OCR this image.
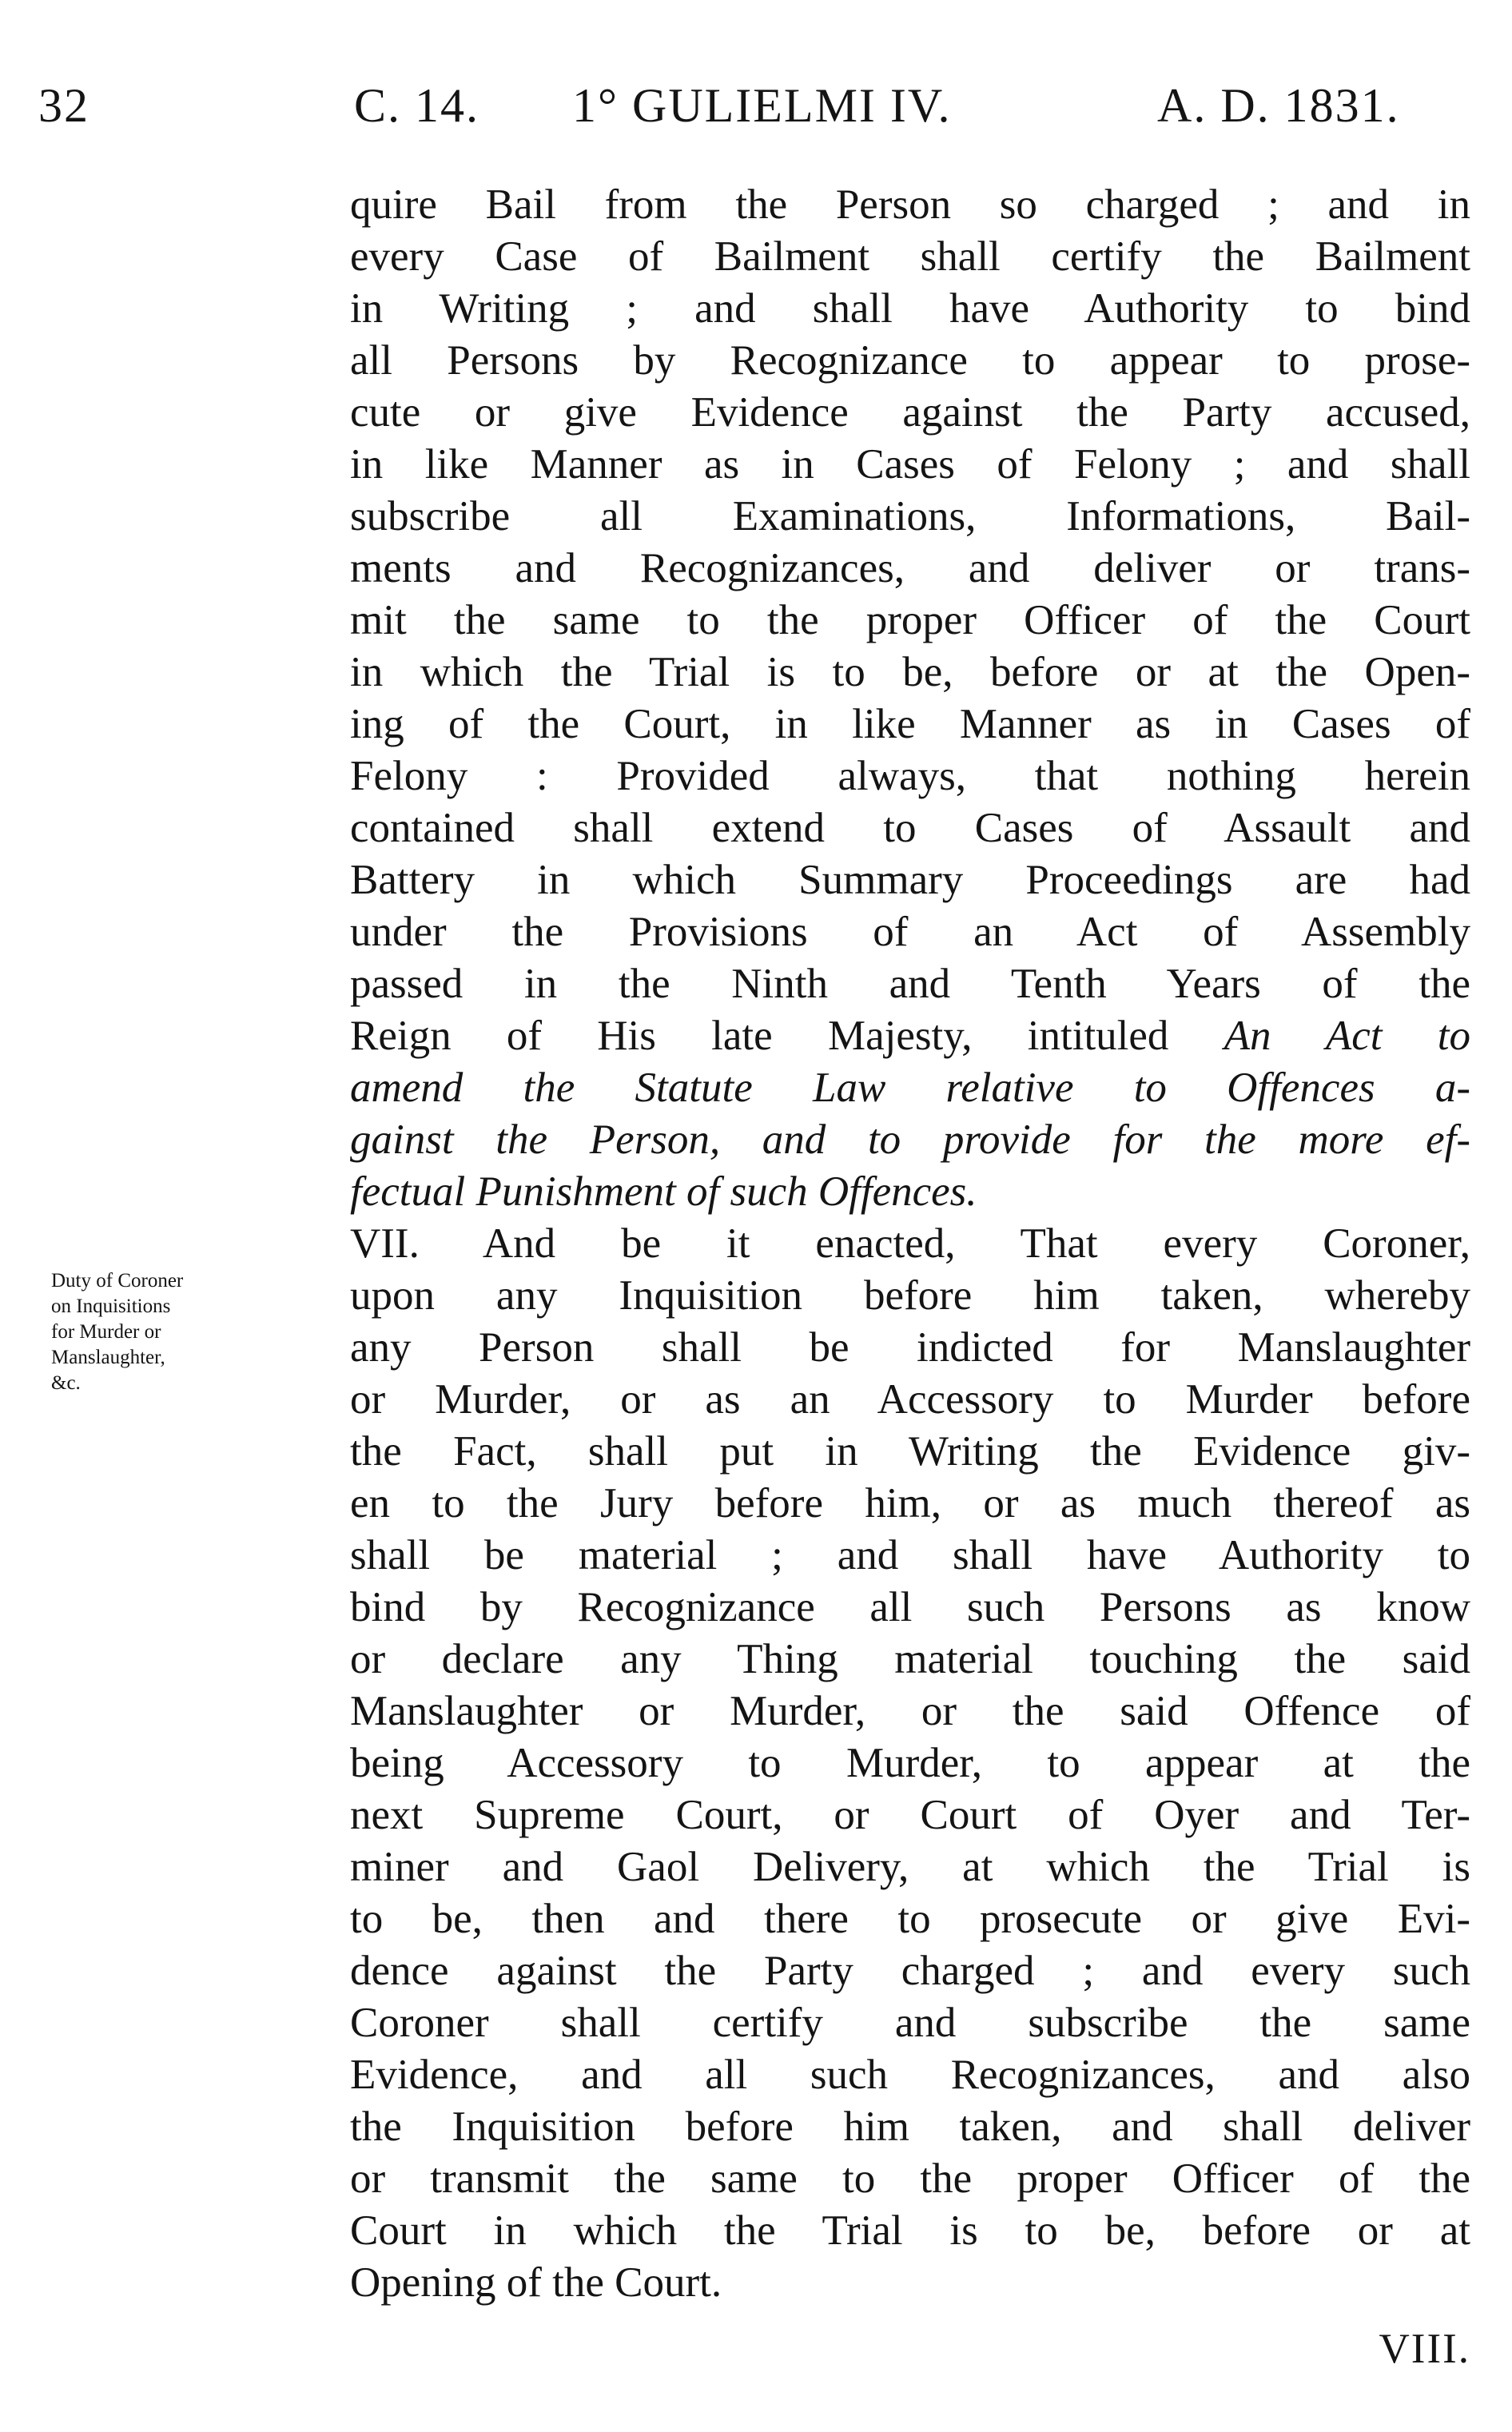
32	C. 14. 1° GULIELMI IV.	A. D. 1831.
quire Bail from the Person so charged ; and in
every Case of Bailment shall certify the Bailment
in Writing ; and shall have Authority to bind
all Persons by Recognizance to appear to prose-
cute or give Evidence against the Party accused,
in like Manner as in Cases of Felony ; and shall
subscribe all Examinations, Informations, Bail-
ments and Recognizances, and deliver or trans-
mit the same to the proper Officer of the Court
in which the Trial is to be, before or at the Open-
ing of the Court, in like Manner as in Cases of
Felony : Provided always, that nothing herein
contained shall extend to Cases of Assault and
Battery in which Summary Proceedings are had
under the Provisions of an Act of Assembly
passed in the Ninth and Tenth Years of the
Reign of His late Majesty, intituled An Act to
amend the Statute Law relative to Offences a-
gainst the Person, and to provide for the more ef-
fectual Punishment of such Offences.
VII. And be it enacted, That every Coroner,
upon any Inquisition before him taken, whereby
any Person shall be indicted for Manslaughter
or Murder, or as an Accessory to Murder before
the Fact, shall put in Writing the Evidence giv-
en to the Jury before him, or as much thereof as
shall be material ; and shall have Authority to
bind by Recognizance all such Persons as know
or declare any Thing material touching the said
Manslaughter or Murder, or the said Offence of
being Accessory to Murder, to appear at the
next Supreme Court, or Court of Oyer and Ter-
miner and Gaol Delivery, at which the Trial is
to be, then and there to prosecute or give Evi-
dence against the Party charged ; and every such
Coroner shall certify and subscribe the same
Evidence, and all such Recognizances, and also
the Inquisition before him taken, and shall deliver
or transmit the same to the proper Officer of the
Court in which the Trial is to be, before or at
Opening of the Court.
VIII.
Duty of Coroner
on Inquisitions
for Murder or
Manslaughter,
&c.
